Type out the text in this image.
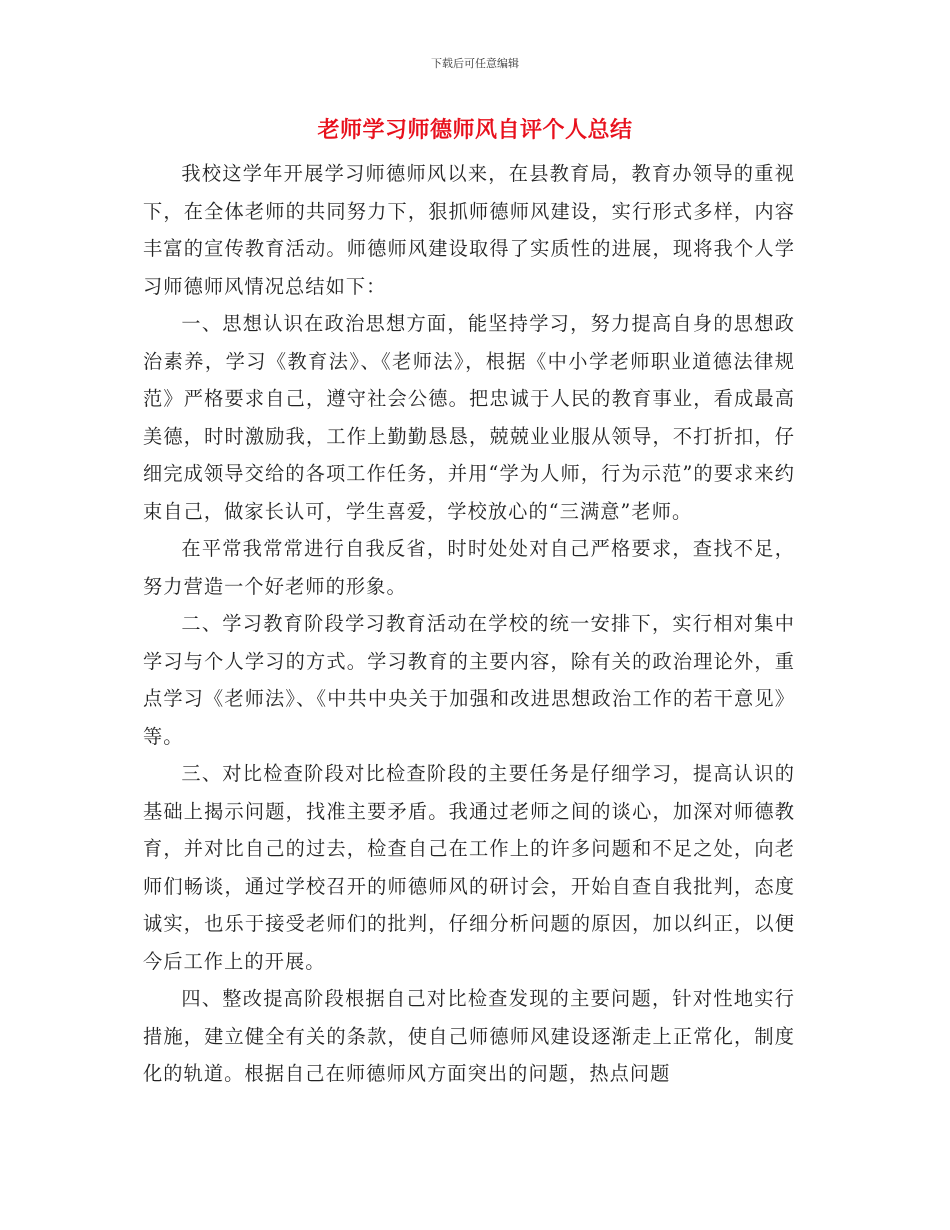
下载后可任意编辑
老师学习师德师风自评个人总结

我校这学年开展学习师德师风以来，在县教育局，教育办领导的重视下，在全体老师的共同努力下，狠抓师德师风建设，实行形式多样，内容丰富的宣传教育活动。师德师风建设取得了实质性的进展，现将我个人学习师德师风情况总结如下：

一、思想认识在政治思想方面，能坚持学习，努力提高自身的思想政治素养，学习《教育法》、《老师法》，根据《中小学老师职业道德法律规范》严格要求自己，遵守社会公德。把忠诚于人民的教育事业，看成最高美德，时时激励我，工作上勤勤恳恳，兢兢业业服从领导，不打折扣，仔细完成领导交给的各项工作任务，并用“学为人师，行为示范”的要求来约束自己，做家长认可，学生喜爱，学校放心的“三满意”老师。

在平常我常常进行自我反省，时时处处对自己严格要求，查找不足，努力营造一个好老师的形象。

二、学习教育阶段学习教育活动在学校的统一安排下，实行相对集中学习与个人学习的方式。学习教育的主要内容，除有关的政治理论外，重点学习《老师法》、《中共中央关于加强和改进思想政治工作的若干意见》等。

三、对比检查阶段对比检查阶段的主要任务是仔细学习，提高认识的基础上揭示问题，找准主要矛盾。我通过老师之间的谈心，加深对师德教育，并对比自己的过去，检查自己在工作上的许多问题和不足之处，向老师们畅谈，通过学校召开的师德师风的研讨会，开始自查自我批判，态度诚实，也乐于接受老师们的批判，仔细分析问题的原因，加以纠正，以便今后工作上的开展。

四、整改提高阶段根据自己对比检查发现的主要问题，针对性地实行措施，建立健全有关的条款，使自己师德师风建设逐渐走上正常化，制度化的轨道。根据自己在师德师风方面突出的问题，热点问题
